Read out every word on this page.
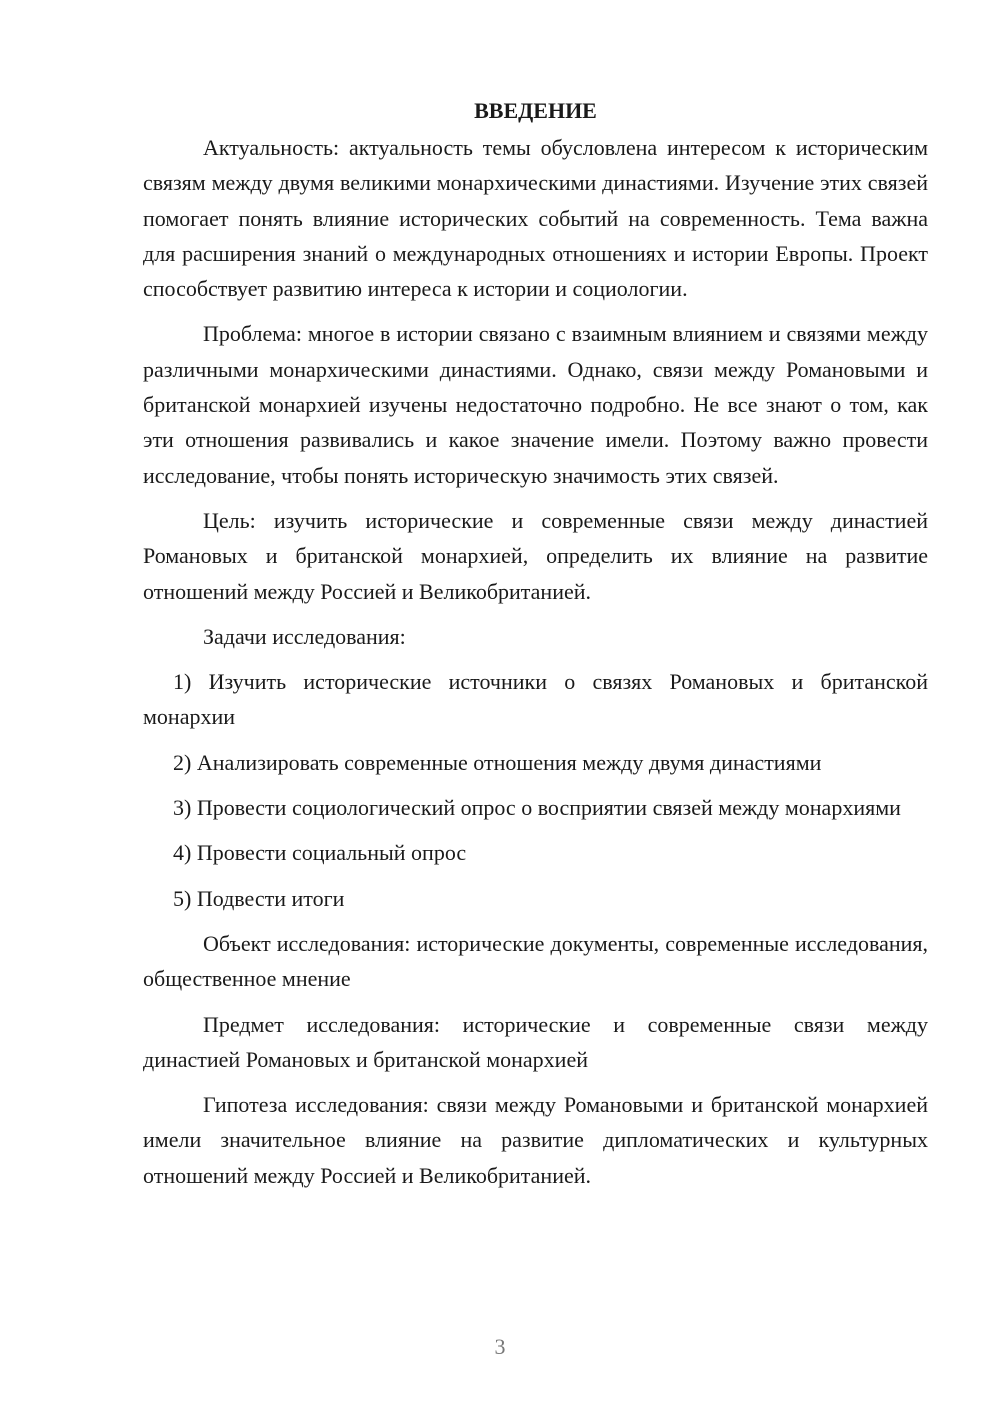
ВВЕДЕНИЕ

Актуальность: актуальность темы обусловлена интересом к историческим связям между двумя великими монархическими династиями. Изучение этих связей помогает понять влияние исторических событий на современность. Тема важна для расширения знаний о международных отношениях и истории Европы. Проект способствует развитию интереса к истории и социологии.

Проблема: многое в истории связано с взаимным влиянием и связями между различными монархическими династиями. Однако, связи между Романовыми и британской монархией изучены недостаточно подробно. Не все знают о том, как эти отношения развивались и какое значение имели. Поэтому важно провести исследование, чтобы понять историческую значимость этих связей.

Цель: изучить исторические и современные связи между династией Романовых и британской монархией, определить их влияние на развитие отношений между Россией и Великобританией.

Задачи исследования:

1) Изучить исторические источники о связях Романовых и британской монархии

2) Анализировать современные отношения между двумя династиями

3) Провести социологический опрос о восприятии связей между монархиями

4) Провести социальный опрос

5) Подвести итоги

Объект исследования: исторические документы, современные исследования, общественное мнение

Предмет исследования: исторические и современные связи между династией Романовых и британской монархией

Гипотеза исследования: связи между Романовыми и британской монархией имели значительное влияние на развитие дипломатических и культурных отношений между Россией и Великобританией.

3
